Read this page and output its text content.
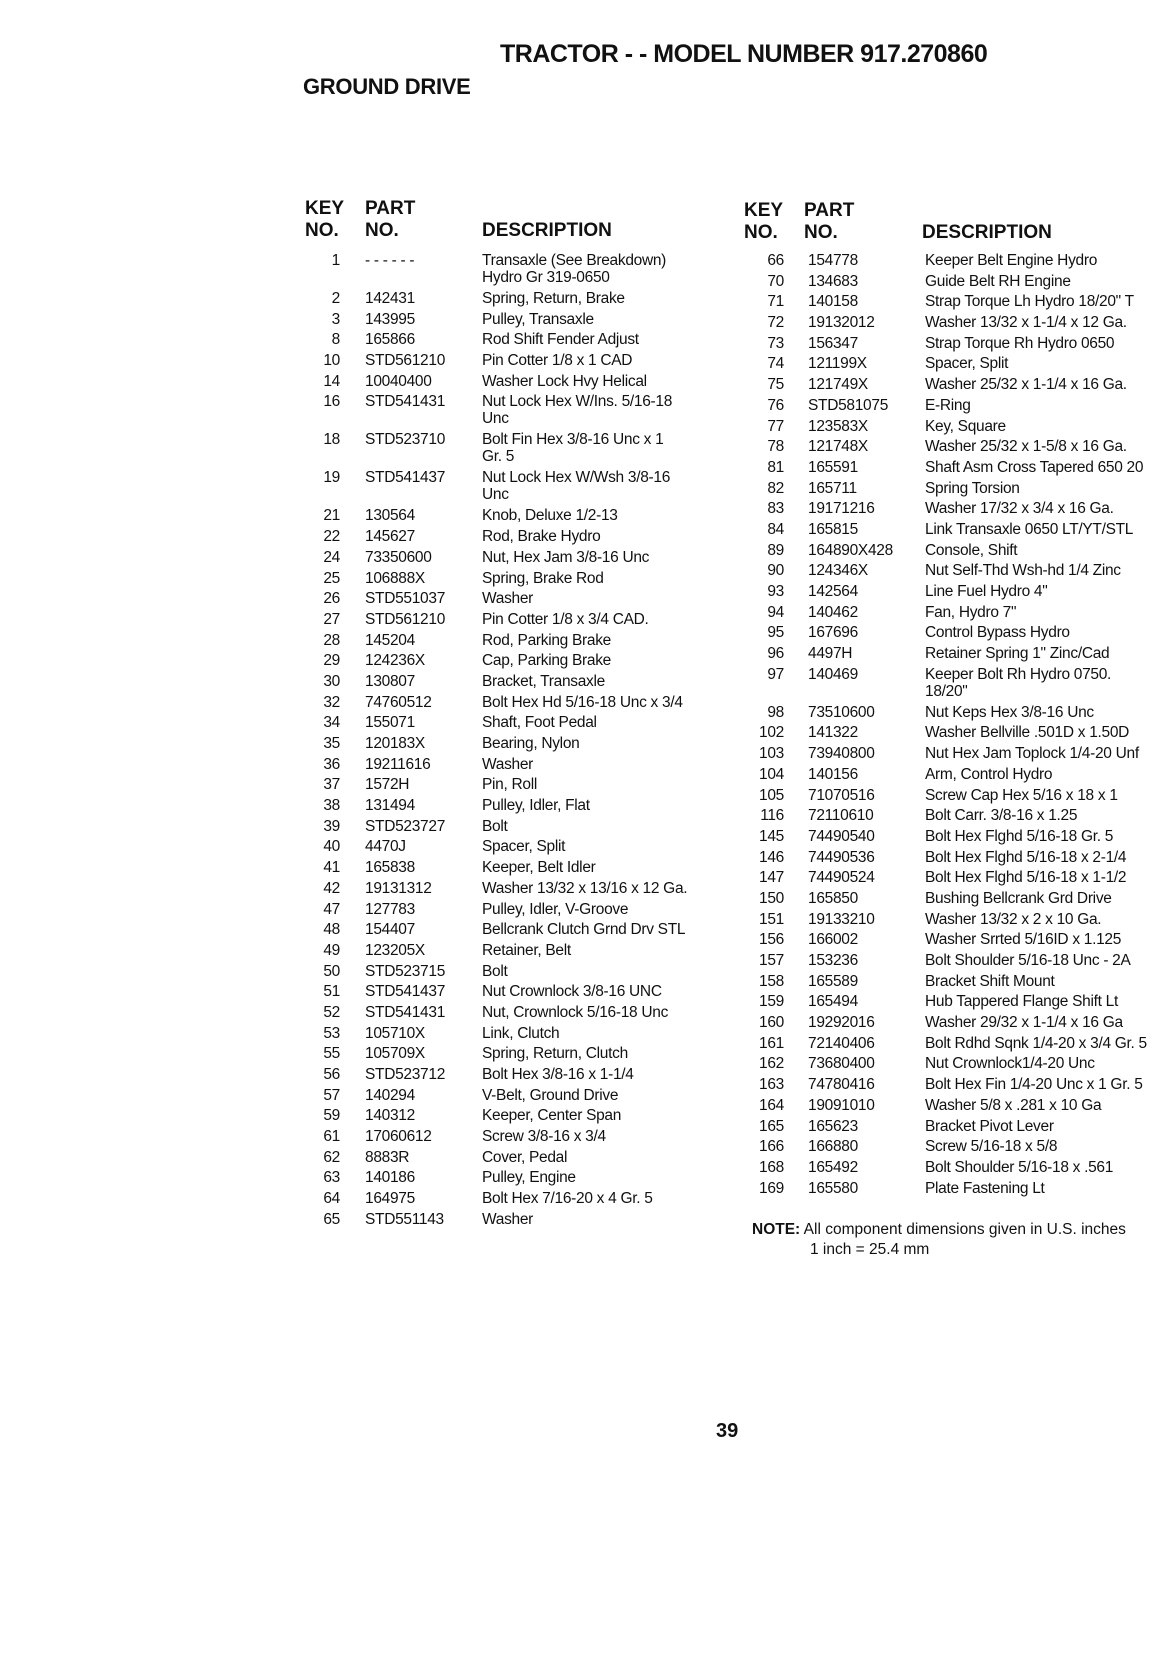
TRACTOR - - MODEL NUMBER 917.270860
GROUND DRIVE
KEY
NO.
PART
NO.	DESCRIPTION
KEY
NO.
PART
NO.	DESCRIPTION
1 - - - - - -	Transaxle (See Breakdown)
Hydro Gr 319-0650
2 142431	Spring, Return, Brake
3 143995	Pulley, Transaxle
8 165866	Rod Shift Fender Adjust
10 STD561210 Pin Cotter 1/8 x 1 CAD
14 10040400	Washer Lock Hvy Helical
16 STD541431 Nut Lock Hex W/Ins. 5/16-18
Unc
18 STD523710 Bolt Fin Hex 3/8-16 Unc x 1
Gr. 5
19 STD541437 Nut Lock Hex W/Wsh 3/8-16
Unc
21 130564	Knob, Deluxe 1/2-13
22 145627	Rod, Brake Hydro
24 73350600	Nut, Hex Jam 3/8-16 Unc
25 106888X	Spring, Brake Rod
26 STD551037 Washer
27 STD561210 Pin Cotter 1/8 x 3/4 CAD.
28 145204	Rod, Parking Brake
29 124236X	Cap, Parking Brake
30 130807	Bracket, Transaxle
32 74760512	Bolt Hex Hd 5/16-18 Unc x 3/4
34 155071	Shaft, Foot Pedal
35 120183X	Bearing, Nylon
36 19211616	Washer
37 1572H	Pin, Roll
38 131494	Pulley, Idler, Flat
39 STD523727 Bolt
40 4470J	Spacer, Split
41 165838	Keeper, Belt Idler
42 19131312	Washer 13/32 x 13/16 x 12 Ga.
47 127783	Pulley, Idler, V-Groove
48 154407	Bellcrank Clutch Grnd Drv STL
49 123205X	Retainer, Belt
50 STD523715 Bolt
51 STD541437 Nut Crownlock 3/8-16 UNC
52 STD541431 Nut, Crownlock 5/16-18 Unc
53 105710X	Link, Clutch
55 105709X	Spring, Return, Clutch
56 STD523712 Bolt Hex 3/8-16 x 1-1/4
57 140294	V-Belt, Ground Drive
59 140312	Keeper, Center Span
61 17060612	Screw 3/8-16 x 3/4
62 8883R	Cover, Pedal
63 140186	Pulley, Engine
64 164975	Bolt Hex 7/16-20 x 4 Gr. 5
65 STD551143 Washer
66 154778	Keeper Belt Engine Hydro
70 134683	Guide Belt RH Engine
71 140158	Strap Torque Lh Hydro 18/20" T
72 19132012	Washer 13/32 x 1-1/4 x 12 Ga.
73 156347	Strap Torque Rh Hydro 0650
74 121199X	Spacer, Split
75 121749X	Washer 25/32 x 1-1/4 x 16 Ga.
76 STD581075 E-Ring
77 123583X	Key, Square
78 121748X	Washer 25/32 x 1-5/8 x 16 Ga.
81 165591	Shaft Asm Cross Tapered 650 20
82 165711	Spring Torsion
83 19171216	Washer 17/32 x 3/4 x 16 Ga.
84 165815	Link Transaxle 0650 LT/YT/STL
89 164890X428 Console, Shift
90 124346X	Nut Self-Thd Wsh-hd 1/4 Zinc
93 142564	Line Fuel Hydro 4"
94 140462	Fan, Hydro 7"
95 167696	Control Bypass Hydro
96 4497H	Retainer Spring 1" Zinc/Cad
97 140469	Keeper Bolt Rh Hydro 0750.
18/20"
98 73510600	Nut Keps Hex 3/8-16 Unc
102 141322	Washer Bellville .501D x 1.50D
103 73940800	Nut Hex Jam Toplock 1/4-20 Unf
104 140156	Arm, Control Hydro
105 71070516	Screw Cap Hex 5/16 x 18 x 1
116 72110610	Bolt Carr. 3/8-16 x 1.25
145 74490540	Bolt Hex Flghd 5/16-18 Gr. 5
146 74490536	Bolt Hex Flghd 5/16-18 x 2-1/4
147 74490524	Bolt Hex Flghd 5/16-18 x 1-1/2
150 165850	Bushing Bellcrank Grd Drive
151 19133210	Washer 13/32 x 2 x 10 Ga.
156 166002	Washer Srrted 5/16ID x 1.125
157 153236	Bolt Shoulder 5/16-18 Unc - 2A
158 165589	Bracket Shift Mount
159 165494	Hub Tappered Flange Shift Lt
160 19292016	Washer 29/32 x 1-1/4 x 16 Ga
161 72140406	Bolt Rdhd Sqnk 1/4-20 x 3/4 Gr. 5
162 73680400	Nut Crownlock1/4-20 Unc
163 74780416	Bolt Hex Fin 1/4-20 Unc x 1 Gr. 5
164 19091010	Washer 5/8 x .281 x 10 Ga
165 165623	Bracket Pivot Lever
166 166880	Screw 5/16-18 x 5/8
168 165492	Bolt Shoulder 5/16-18 x .561
169 165580	Plate Fastening Lt
NOTE: All component dimensions given in U.S. inches
1 inch = 25.4 mm
39
